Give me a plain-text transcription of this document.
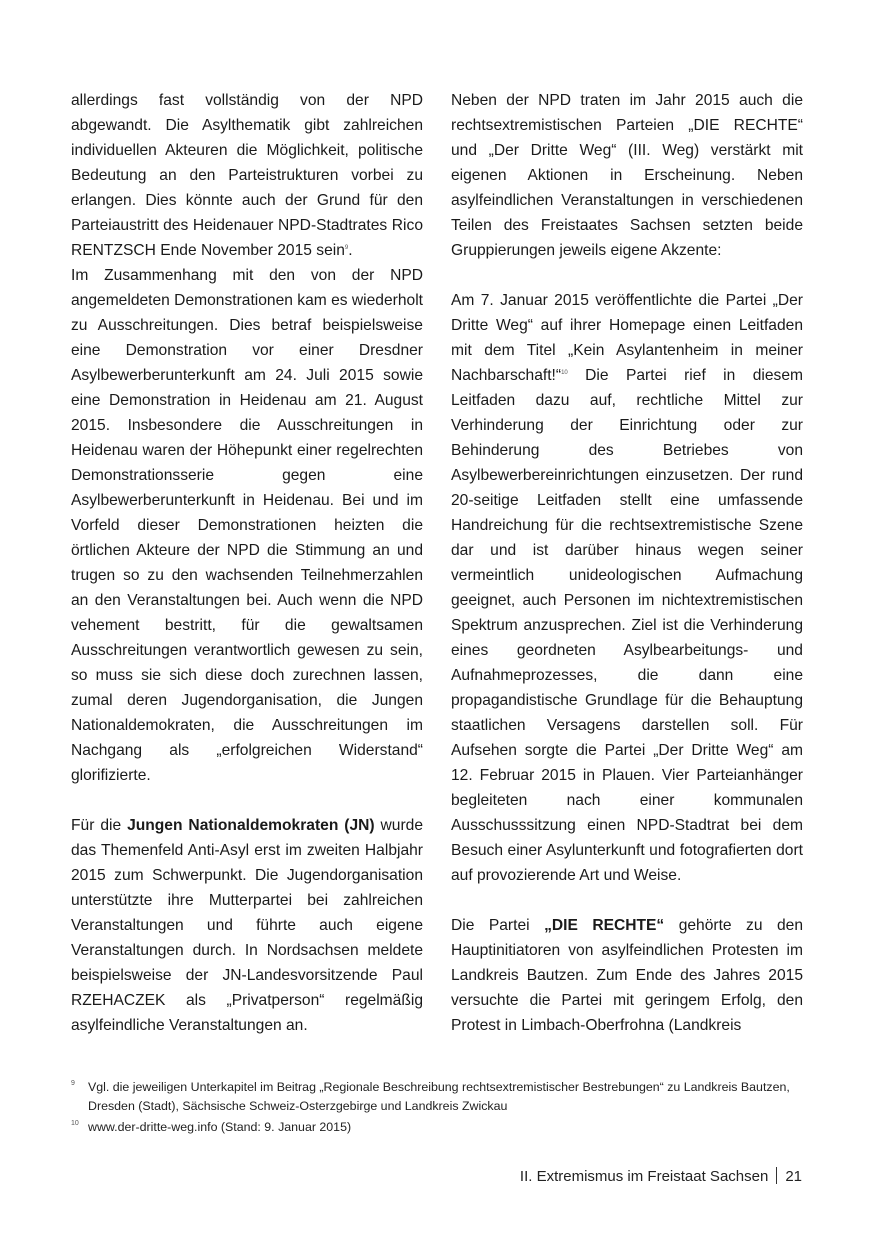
allerdings fast vollständig von der NPD abgewandt. Die Asylthematik gibt zahlreichen individuellen Akteuren die Möglichkeit, politische Bedeutung an den Parteistrukturen vorbei zu erlangen. Dies könnte auch der Grund für den Parteiaustritt des Heidenauer NPD-Stadtrates Rico RENTZSCH Ende November 2015 sein$^9$.

Im Zusammenhang mit den von der NPD angemeldeten Demonstrationen kam es wiederholt zu Ausschreitungen. Dies betraf beispielsweise eine Demonstration vor einer Dresdner Asylbewerberunterkunft am 24. Juli 2015 sowie eine Demonstration in Heidenau am 21. August 2015. Insbesondere die Ausschreitungen in Heidenau waren der Höhepunkt einer regelrechten Demonstrationsserie gegen eine Asylbewerberunterkunft in Heidenau. Bei und im Vorfeld dieser Demonstrationen heizten die örtlichen Akteure der NPD die Stimmung an und trugen so zu den wachsenden Teilnehmerzahlen an den Veranstaltungen bei. Auch wenn die NPD vehement bestritt, für die gewaltsamen Ausschreitungen verantwortlich gewesen zu sein, so muss sie sich diese doch zurechnen lassen, zumal deren Jugendorganisation, die Jungen Nationaldemokraten, die Ausschreitungen im Nachgang als „erfolgreichen Widerstand“ glorifizierte.

Für die Jungen Nationaldemokraten (JN) wurde das Themenfeld Anti-Asyl erst im zweiten Halbjahr 2015 zum Schwerpunkt. Die Jugendorganisation unterstützte ihre Mutterpartei bei zahlreichen Veranstaltungen und führte auch eigene Veranstaltungen durch. In Nordsachsen meldete beispielsweise der JN-Landesvorsitzende Paul RZEHACZEK als „Privatperson“ regelmäßig asylfeindliche Veranstaltungen an.

Neben der NPD traten im Jahr 2015 auch die rechtsextremistischen Parteien „DIE RECHTE“ und „Der Dritte Weg“ (III. Weg) verstärkt mit eigenen Aktionen in Erscheinung. Neben asylfeindlichen Veranstaltungen in verschiedenen Teilen des Freistaates Sachsen setzten beide Gruppierungen jeweils eigene Akzente:

Am 7. Januar 2015 veröffentlichte die Partei „Der Dritte Weg“ auf ihrer Homepage einen Leitfaden mit dem Titel „Kein Asylantenheim in meiner Nachbarschaft!“$^{10}$ Die Partei rief in diesem Leitfaden dazu auf, rechtliche Mittel zur Verhinderung der Einrichtung oder zur Behinderung des Betriebes von Asylbewerbereinrichtungen einzusetzen. Der rund 20-seitige Leitfaden stellt eine umfassende Handreichung für die rechtsextremistische Szene dar und ist darüber hinaus wegen seiner vermeintlich unideologischen Aufmachung geeignet, auch Personen im nichtextremistischen Spektrum anzusprechen. Ziel ist die Verhinderung eines geordneten Asylbearbeitungs- und Aufnahmeprozesses, die dann eine propagandistische Grundlage für die Behauptung staatlichen Versagens darstellen soll. Für Aufsehen sorgte die Partei „Der Dritte Weg“ am 12. Februar 2015 in Plauen. Vier Parteianhänger begleiteten nach einer kommunalen Ausschusssitzung einen NPD-Stadtrat bei dem Besuch einer Asylunterkunft und fotografierten dort auf provozierende Art und Weise.

Die Partei „DIE RECHTE“ gehörte zu den Hauptinitiatoren von asylfeindlichen Protesten im Landkreis Bautzen. Zum Ende des Jahres 2015 versuchte die Partei mit geringem Erfolg, den Protest in Limbach-Oberfrohna (Landkreis

9 Vgl. die jeweiligen Unterkapitel im Beitrag „Regionale Beschreibung rechtsextremistischer Bestrebungen“ zu Landkreis Bautzen, Dresden (Stadt), Sächsische Schweiz-Osterzgebirge und Landkreis Zwickau
10 www.der-dritte-weg.info (Stand: 9. Januar 2015)
II. Extremismus im Freistaat Sachsen 21
